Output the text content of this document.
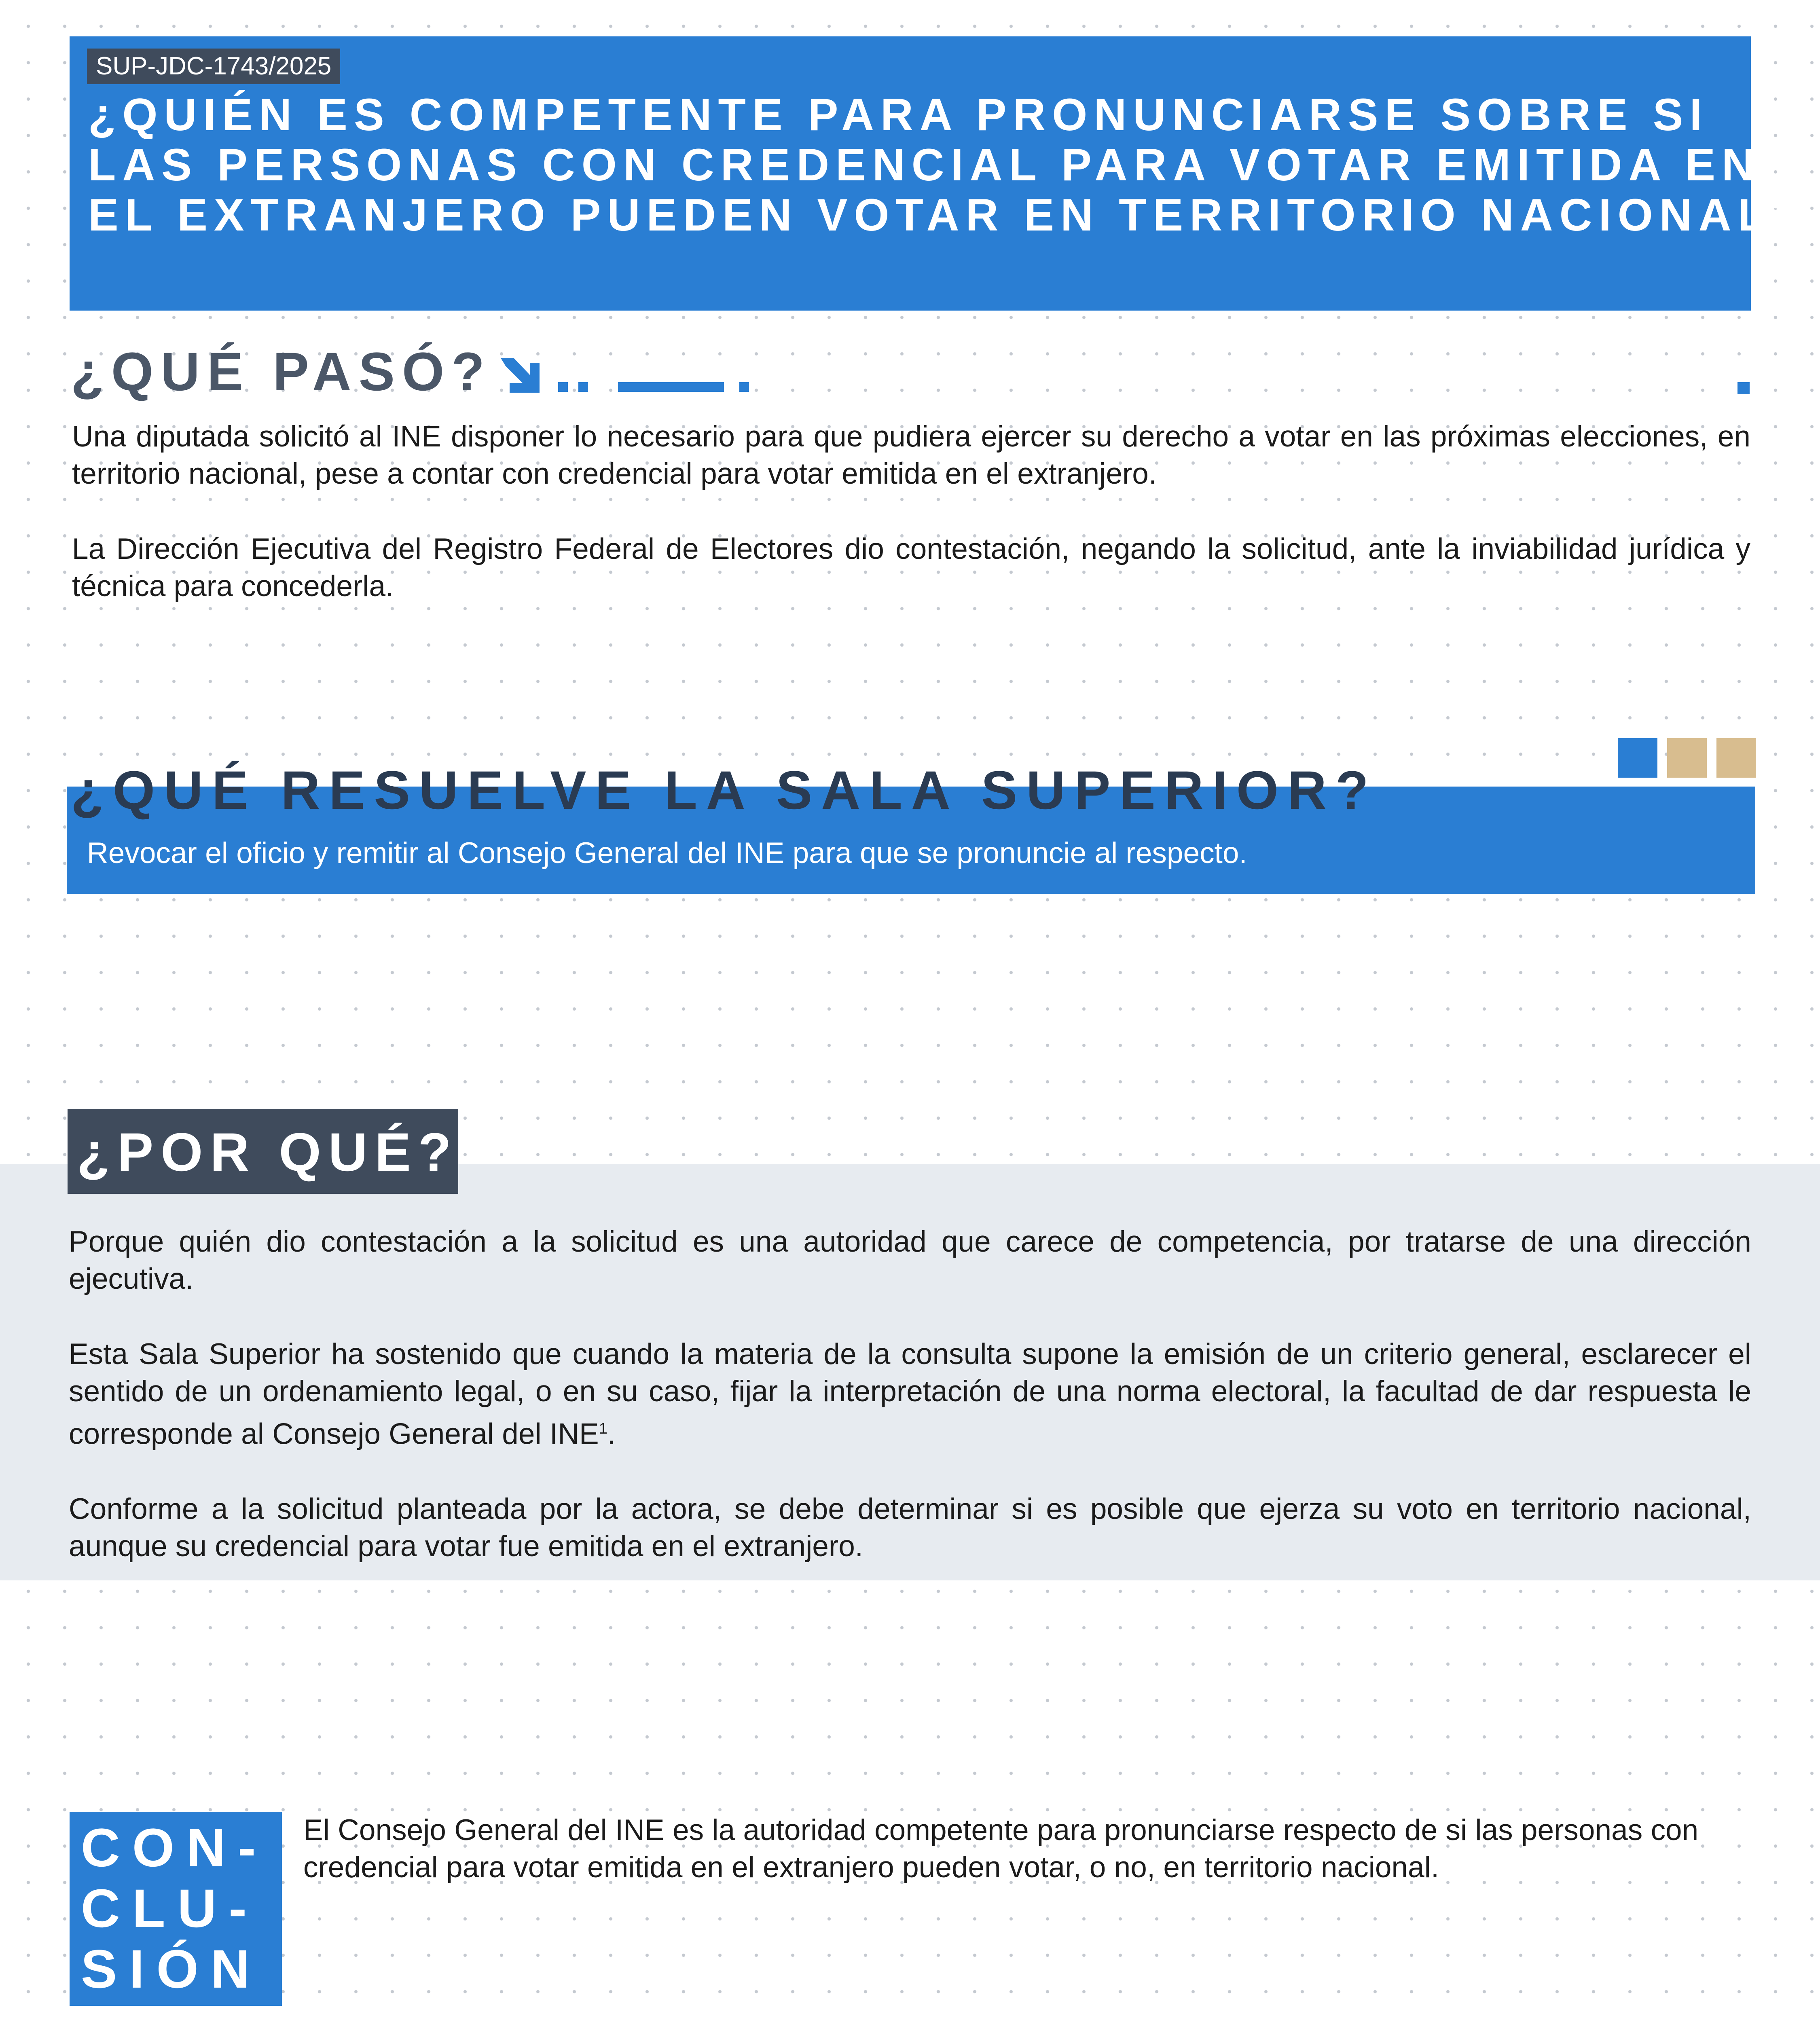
SUP-JDC-1743/2025
¿QUIÉN ES COMPETENTE PARA PRONUNCIARSE SOBRE SI
LAS PERSONAS CON CREDENCIAL PARA VOTAR EMITIDA EN
EL EXTRANJERO PUEDEN VOTAR EN TERRITORIO NACIONAL?
¿QUÉ PASÓ?

Una diputada solicitó al INE disponer lo necesario para que pudiera ejercer su derecho a votar en las próximas elecciones, en territorio nacional, pese a contar con credencial para votar emitida en el extranjero.

La Dirección Ejecutiva del Registro Federal de Electores dio contestación, negando la solicitud, ante la inviabilidad jurídica y técnica para concederla.

¿QUÉ RESUELVE LA SALA SUPERIOR?
Revocar el oficio y remitir al Consejo General del INE para que se pronuncie al respecto.
¿POR QUÉ?

Porque quién dio contestación a la solicitud es una autoridad que carece de competencia, por tratarse de una dirección ejecutiva.

Esta Sala Superior ha sostenido que cuando la materia de la consulta supone la emisión de un criterio general, esclarecer el sentido de un ordenamiento legal, o en su caso, fijar la interpretación de una norma electoral, la facultad de dar respuesta le corresponde al Consejo General del INE$^1$.

Conforme a la solicitud planteada por la actora, se debe determinar si es posible que ejerza su voto en territorio nacional, aunque su credencial para votar fue emitida en el extranjero.

CON-
CLU-
SIÓN
El Consejo General del INE es la autoridad competente para pronunciarse respecto de si las personas con credencial para votar emitida en el extranjero pueden votar, o no, en territorio nacional.
